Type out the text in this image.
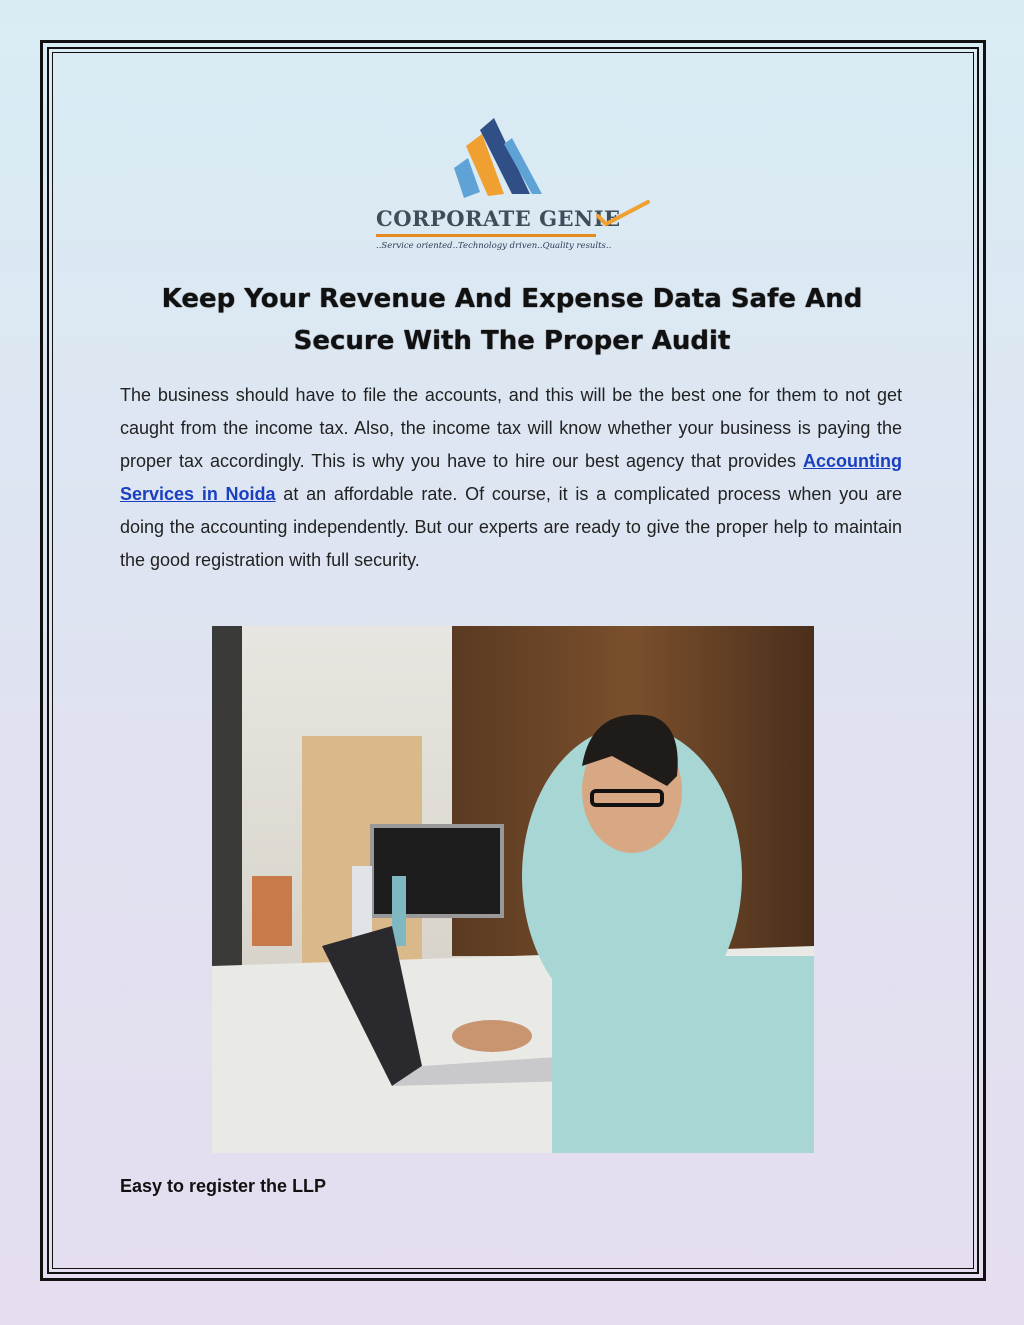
CORPORATE GENIE
..Service oriented..Technology driven..Quality results..
Keep Your Revenue And Expense Data Safe And
Secure With The Proper Audit

The business should have to file the accounts, and this will be the best one for them to not get caught from the income tax. Also, the income tax will know whether your business is paying the proper tax accordingly. This is why you have to hire our best agency that provides Accounting Services in Noida at an affordable rate. Of course, it is a complicated process when you are doing the accounting independently. But our experts are ready to give the proper help to maintain the good registration with full security.

Easy to register the LLP
